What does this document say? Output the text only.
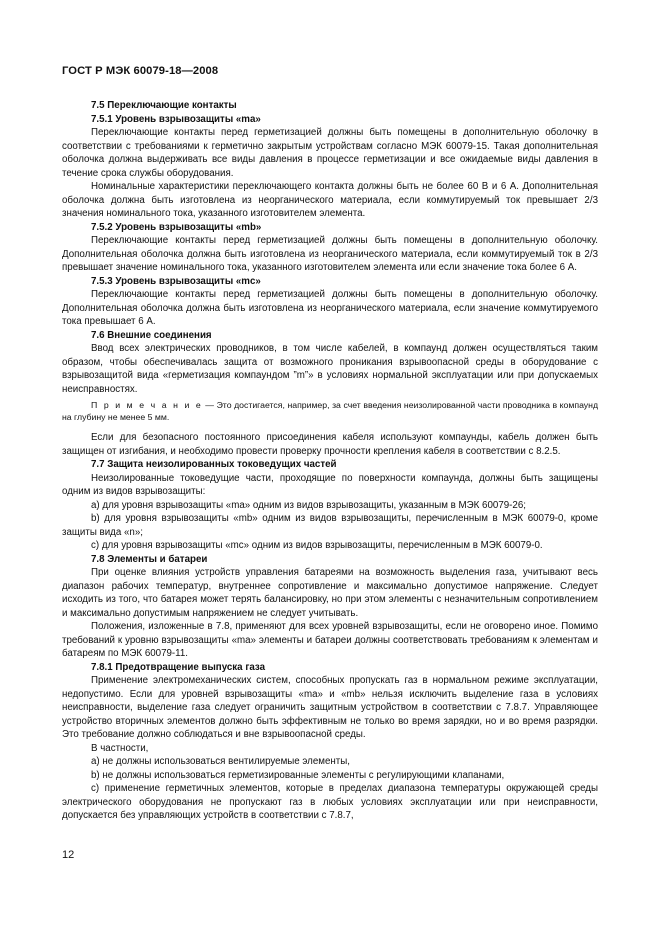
ГОСТ Р МЭК 60079-18—2008

7.5 Переключающие контакты

7.5.1 Уровень взрывозащиты «ma»

Переключающие контакты перед герметизацией должны быть помещены в дополнительную оболочку в соответствии с требованиями к герметично закрытым устройствам согласно МЭК 60079-15. Такая дополнительная оболочка должна выдерживать все виды давления в процессе герметизации и все ожидаемые виды давления в течение срока службы оборудования.

Номинальные характеристики переключающего контакта должны быть не более 60 В и 6 А. Дополнительная оболочка должна быть изготовлена из неорганического материала, если коммутируемый ток превышает 2/3 значения номинального тока, указанного изготовителем элемента.

7.5.2 Уровень взрывозащиты «mb»

Переключающие контакты перед герметизацией должны быть помещены в дополнительную оболочку. Дополнительная оболочка должна быть изготовлена из неорганического материала, если коммутируемый ток в 2/3 превышает значение номинального тока, указанного изготовителем элемента или если значение тока более 6 А.

7.5.3 Уровень взрывозащиты «mc»

Переключающие контакты перед герметизацией должны быть помещены в дополнительную оболочку. Дополнительная оболочка должна быть изготовлена из неорганического материала, если значение коммутируемого тока превышает 6 А.

7.6 Внешние соединения

Ввод всех электрических проводников, в том числе кабелей, в компаунд должен осуществляться таким образом, чтобы обеспечивалась защита от возможного проникания взрывоопасной среды в оборудование с взрывозащитой вида «герметизация компаундом ”m”» в условиях нормальной эксплуатации или при допускаемых неисправностях.

П р и м е ч а н и е — Это достигается, например, за счет введения неизолированной части проводника в компаунд на глубину не менее 5 мм.

Если для безопасного постоянного присоединения кабеля используют компаунды, кабель должен быть защищен от изгибания, и необходимо провести проверку прочности крепления кабеля в соответствии с 8.2.5.

7.7 Защита неизолированных токоведущих частей

Неизолированные токоведущие части, проходящие по поверхности компаунда, должны быть защищены одним из видов взрывозащиты:

а) для уровня взрывозащиты «ma» одним из видов взрывозащиты, указанным в МЭК 60079-26;

b) для уровня взрывозащиты «mb» одним из видов взрывозащиты, перечисленным в МЭК 60079-0, кроме защиты вида «n»;

c) для уровня взрывозащиты «mc» одним из видов взрывозащиты, перечисленным в МЭК 60079-0.

7.8 Элементы и батареи

При оценке влияния устройств управления батареями на возможность выделения газа, учитывают весь диапазон рабочих температур, внутреннее сопротивление и максимально допустимое напряжение. Следует исходить из того, что батарея может терять балансировку, но при этом элементы с незначительным сопротивлением и максимально допустимым напряжением не следует учитывать.

Положения, изложенные в 7.8, применяют для всех уровней взрывозащиты, если не оговорено иное. Помимо требований к уровню взрывозащиты «ma» элементы и батареи должны соответствовать требованиям к элементам и батареям по МЭК 60079-11.

7.8.1 Предотвращение выпуска газа

Применение электромеханических систем, способных пропускать газ в нормальном режиме эксплуатации, недопустимо. Если для уровней взрывозащиты «ma» и «mb» нельзя исключить выделение газа в условиях неисправности, выделение газа следует ограничить защитным устройством в соответствии с 7.8.7. Управляющее устройство вторичных элементов должно быть эффективным не только во время зарядки, но и во время разрядки. Это требование должно соблюдаться и вне взрывоопасной среды.

В частности,

а) не должны использоваться вентилируемые элементы,

b) не должны использоваться герметизированные элементы с регулирующими клапанами,

c) применение герметичных элементов, которые в пределах диапазона температуры окружающей среды электрического оборудования не пропускают газ в любых условиях эксплуатации или при неисправности, допускается без управляющих устройств в соответствии с 7.8.7,

12
